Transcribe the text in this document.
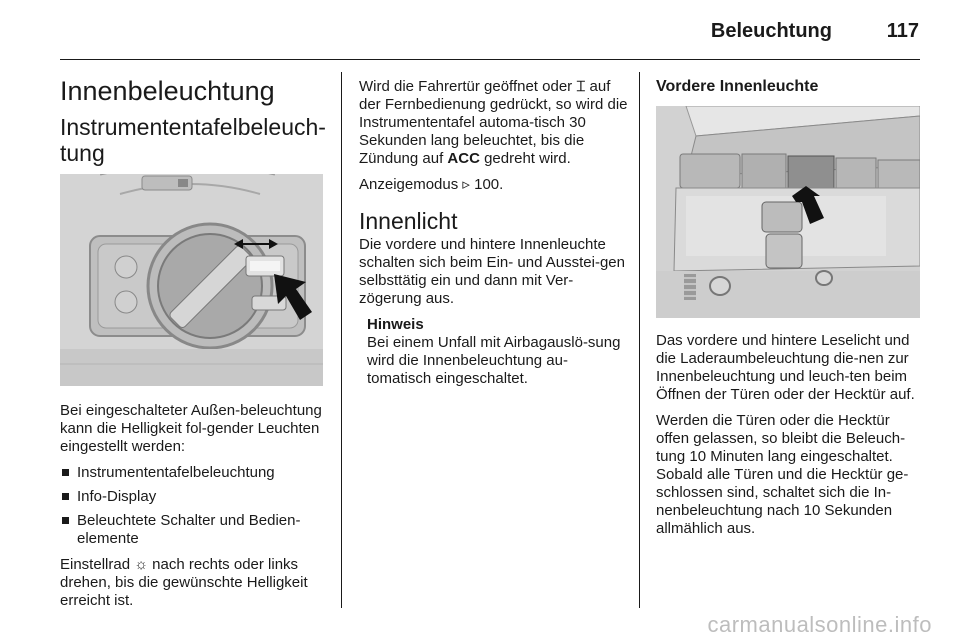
Beleuchtung	117
Innenbeleuchtung
Instrumententafelbeleuch-
tung

Bei eingeschalteter Außen-beleuchtung kann die Helligkeit fol-gender Leuchten eingestellt werden:

Instrumententafelbeleuchtung
Info-Display
Beleuchtete Schalter und Bedien-elemente

Einstellrad ☼ nach rechts oder links drehen, bis die gewünschte Helligkeit erreicht ist.

Wird die Fahrertür geöffnet oder ⌶ auf der Fernbedienung gedrückt, so wird die Instrumententafel automa-tisch 30 Sekunden lang beleuchtet, bis die Zündung auf ACC gedreht wird.

Anzeigemodus ▹ 100.

Innenlicht

Die vordere und hintere Innenleuchte schalten sich beim Ein- und Ausstei-gen selbsttätig ein und dann mit Ver-zögerung aus.

Hinweis
Bei einem Unfall mit Airbagauslö-sung wird die Innenbeleuchtung au-tomatisch eingeschaltet.
Vordere Innenleuchte

Das vordere und hintere Leselicht und die Laderaumbeleuchtung die-nen zur Innenbeleuchtung und leuch-ten beim Öffnen der Türen oder der Hecktür auf.

Werden die Türen oder die Hecktür offen gelassen, so bleibt die Beleuch-tung 10 Minuten lang eingeschaltet. Sobald alle Türen und die Hecktür ge-schlossen sind, schaltet sich die In-nenbeleuchtung nach 10 Sekunden allmählich aus.

carmanualsonline.info
